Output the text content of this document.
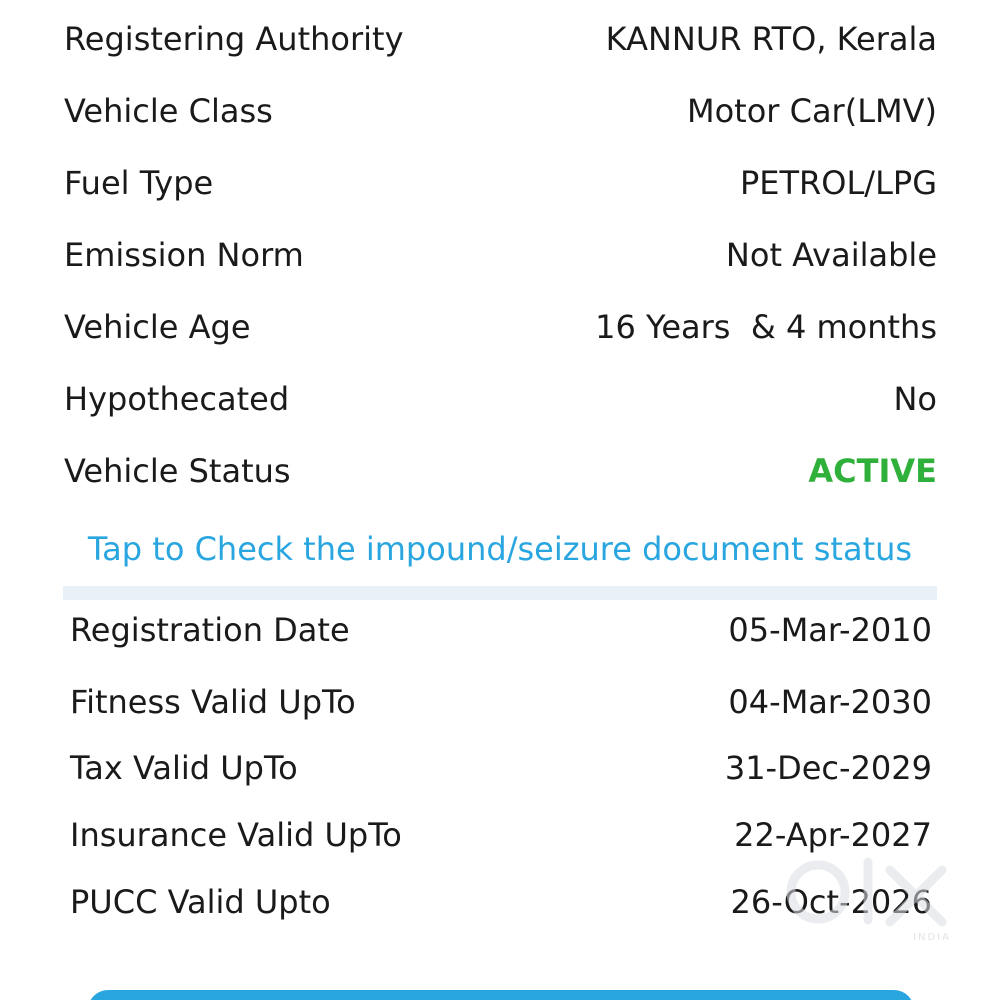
Registering Authority	KANNUR RTO, Kerala
Vehicle Class	Motor Car(LMV)
Fuel Type	PETROL/LPG
Emission Norm	Not Available
Vehicle Age	16 Years  & 4 months
Hypothecated	No
Vehicle Status	ACTIVE
Tap to Check the impound/seizure document status
Registration Date	05-Mar-2010
Fitness Valid UpTo	04-Mar-2030
Tax Valid UpTo	31-Dec-2029
Insurance Valid UpTo	22-Apr-2027
PUCC Valid Upto	26-Oct-2026
INDIA
